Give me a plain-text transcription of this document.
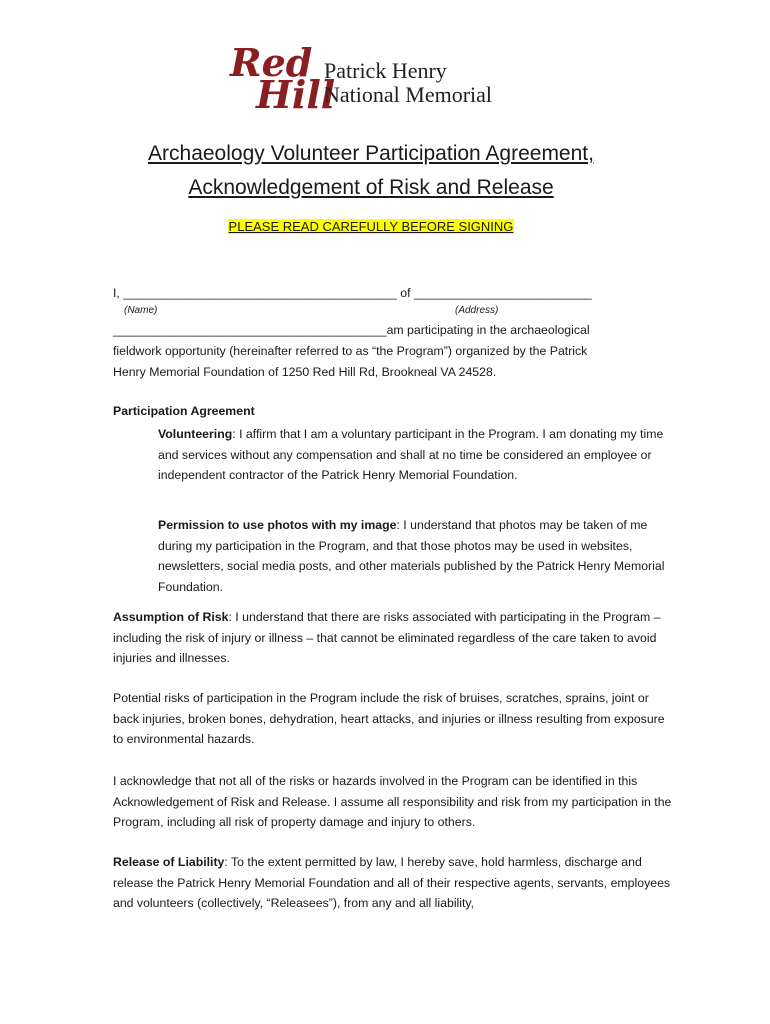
Red
Hill
Patrick Henry
National Memorial
Archaeology Volunteer Participation Agreement,
Acknowledgement of Risk and Release
PLEASE READ CAREFULLY BEFORE SIGNING
I, ________________________________________ of __________________________
(Name)	(Address)
________________________________________am participating in the archaeological
fieldwork opportunity (hereinafter referred to as “the Program”) organized by the Patrick
Henry Memorial Foundation of 1250 Red Hill Rd, Brookneal VA 24528.
Participation Agreement
Volunteering: I affirm that I am a voluntary participant in the Program. I am donating my time and services without any compensation and shall at no time be considered an employee or independent contractor of the Patrick Henry Memorial Foundation.
Permission to use photos with my image: I understand that photos may be taken of me during my participation in the Program, and that those photos may be used in websites, newsletters, social media posts, and other materials published by the Patrick Henry Memorial Foundation.
Assumption of Risk: I understand that there are risks associated with participating in the Program – including the risk of injury or illness – that cannot be eliminated regardless of the care taken to avoid injuries and illnesses.
Potential risks of participation in the Program include the risk of bruises, scratches, sprains, joint or back injuries, broken bones, dehydration, heart attacks, and injuries or illness resulting from exposure to environmental hazards.
I acknowledge that not all of the risks or hazards involved in the Program can be identified in this Acknowledgement of Risk and Release. I assume all responsibility and risk from my participation in the Program, including all risk of property damage and injury to others.
Release of Liability: To the extent permitted by law, I hereby save, hold harmless, discharge and release the Patrick Henry Memorial Foundation and all of their respective agents, servants, employees and volunteers (collectively, “Releasees”), from any and all liability,
